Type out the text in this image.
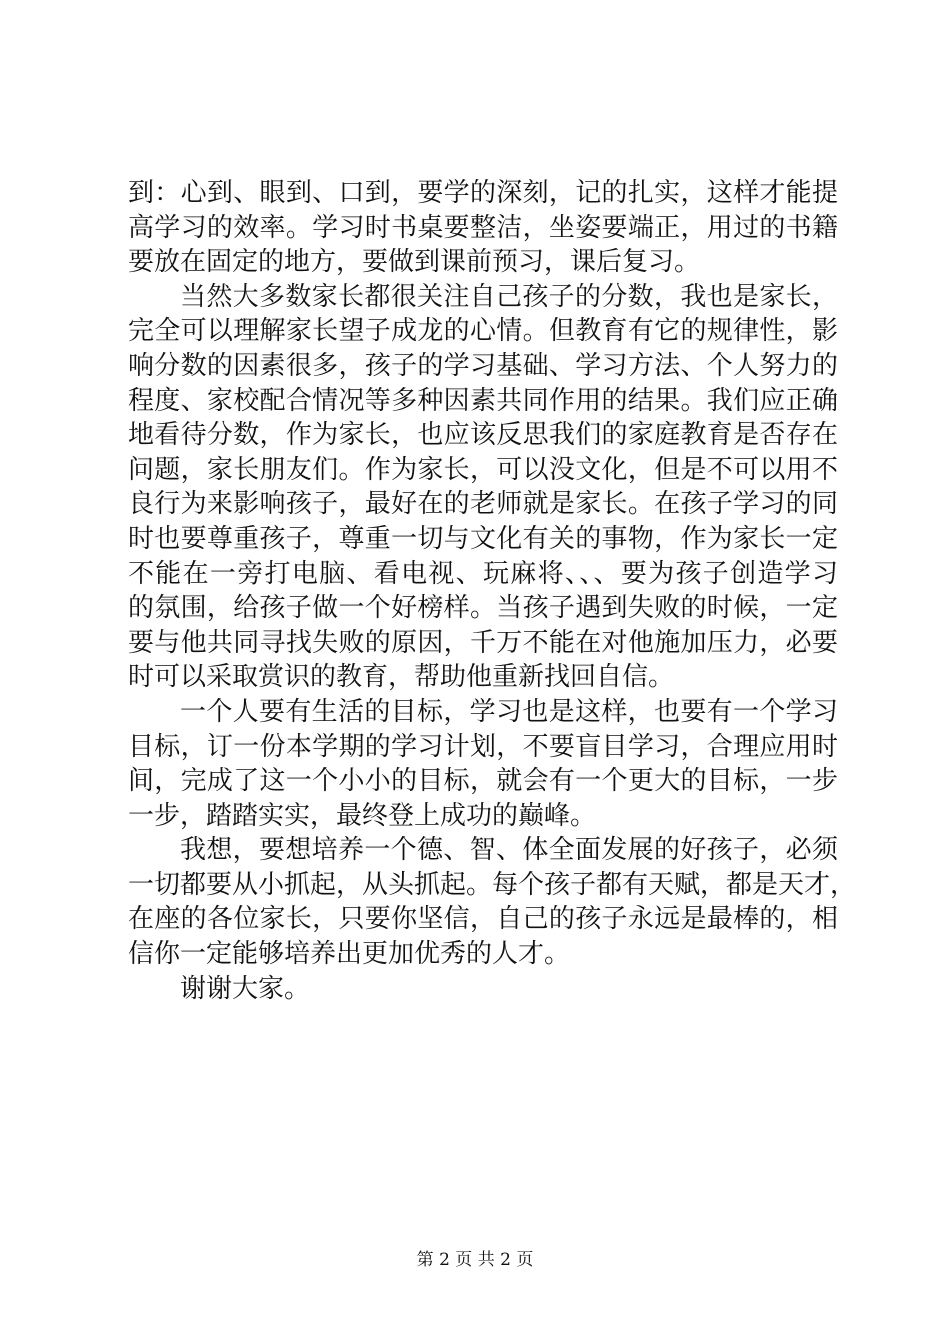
到：心到、眼到、口到，要学的深刻，记的扎实，这样才能提
高学习的效率。学习时书桌要整洁，坐姿要端正，用过的书籍
要放在固定的地方，要做到课前预习，课后复习。
当然大多数家长都很关注自己孩子的分数，我也是家长，
完全可以理解家长望子成龙的心情。但教育有它的规律性，影
响分数的因素很多，孩子的学习基础、学习方法、个人努力的
程度、家校配合情况等多种因素共同作用的结果。我们应正确
地看待分数，作为家长，也应该反思我们的家庭教育是否存在
问题，家长朋友们。作为家长，可以没文化，但是不可以用不
良行为来影响孩子，最好在的老师就是家长。在孩子学习的同
时也要尊重孩子，尊重一切与文化有关的事物，作为家长一定
不能在一旁打电脑、看电视、玩麻将、、、要为孩子创造学习
的氛围，给孩子做一个好榜样。当孩子遇到失败的时候，一定
要与他共同寻找失败的原因，千万不能在对他施加压力，必要
时可以采取赏识的教育，帮助他重新找回自信。
一个人要有生活的目标，学习也是这样，也要有一个学习
目标，订一份本学期的学习计划，不要盲目学习，合理应用时
间，完成了这一个小小的目标，就会有一个更大的目标，一步
一步，踏踏实实，最终登上成功的巅峰。
我想，要想培养一个德、智、体全面发展的好孩子，必须
一切都要从小抓起，从头抓起。每个孩子都有天赋，都是天才，
在座的各位家长，只要你坚信，自己的孩子永远是最棒的，相
信你一定能够培养出更加优秀的人才。
谢谢大家。
第 2 页 共 2 页
